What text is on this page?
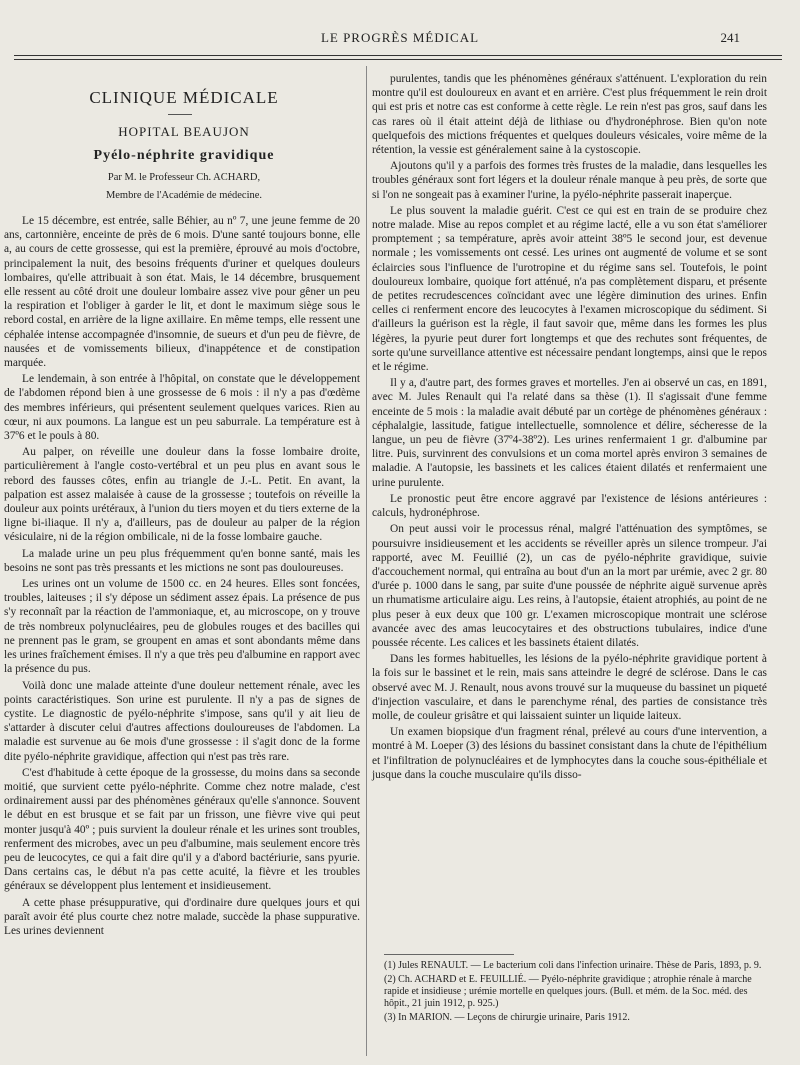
LE PROGRÈS MÉDICAL	241
CLINIQUE MÉDICALE
HOPITAL BEAUJON
Pyélo-néphrite gravidique
Par M. le Professeur Ch. ACHARD,
Membre de l'Académie de médecine.

Le 15 décembre, est entrée, salle Béhier, au nº 7, une jeune femme de 20 ans, cartonnière, enceinte de près de 6 mois. D'une santé toujours bonne, elle a, au cours de cette grossesse, qui est la première, éprouvé au mois d'octobre, principalement la nuit, des besoins fréquents d'uriner et quelques douleurs lombaires, qu'elle attribuait à son état. Mais, le 14 décembre, brusquement elle ressent au côté droit une douleur lombaire assez vive pour gêner un peu la respiration et l'obliger à garder le lit, et dont le maximum siège sous le rebord costal, en arrière de la ligne axillaire. En même temps, elle ressent une céphalée intense accompagnée d'insomnie, de sueurs et d'un peu de fièvre, de nausées et de vomissements bilieux, d'inappétence et de constipation marquée.

Le lendemain, à son entrée à l'hôpital, on constate que le développement de l'abdomen répond bien à une grossesse de 6 mois : il n'y a pas d'œdème des membres inférieurs, qui présentent seulement quelques varices. Rien au cœur, ni aux poumons. La langue est un peu saburrale. La température est à 37º6 et le pouls à 80.

Au palper, on réveille une douleur dans la fosse lombaire droite, particulièrement à l'angle costo-vertébral et un peu plus en avant sous le rebord des fausses côtes, enfin au triangle de J.-L. Petit. En avant, la palpation est assez malaisée à cause de la grossesse ; toutefois on réveille la douleur aux points urétéraux, à l'union du tiers moyen et du tiers externe de la ligne bi-iliaque. Il n'y a, d'ailleurs, pas de douleur au palper de la région vésiculaire, ni de la région ombilicale, ni de la fosse lombaire gauche.

La malade urine un peu plus fréquemment qu'en bonne santé, mais les besoins ne sont pas très pressants et les mictions ne sont pas douloureuses.

Les urines ont un volume de 1500 cc. en 24 heures. Elles sont foncées, troubles, laiteuses ; il s'y dépose un sédiment assez épais. La présence de pus s'y reconnaît par la réaction de l'ammoniaque, et, au microscope, on y trouve de très nombreux polynucléaires, peu de globules rouges et des bacilles qui ne prennent pas le gram, se groupent en amas et sont abondants même dans les urines fraîchement émises. Il n'y a que très peu d'albumine en rapport avec la présence du pus.

Voilà donc une malade atteinte d'une douleur nettement rénale, avec les points caractéristiques. Son urine est purulente. Il n'y a pas de signes de cystite. Le diagnostic de pyélo-néphrite s'impose, sans qu'il y ait lieu de s'attarder à discuter celui d'autres affections douloureuses de l'abdomen. La maladie est survenue au 6e mois d'une grossesse : il s'agit donc de la forme dite pyélo-néphrite gravidique, affection qui n'est pas très rare.

C'est d'habitude à cette époque de la grossesse, du moins dans sa seconde moitié, que survient cette pyélo-néphrite. Comme chez notre malade, c'est ordinairement aussi par des phénomènes généraux qu'elle s'annonce. Souvent le début en est brusque et se fait par un frisson, une fièvre vive qui peut monter jusqu'à 40º ; puis survient la douleur rénale et les urines sont troubles, renferment des microbes, avec un peu d'albumine, mais seulement encore très peu de leucocytes, ce qui a fait dire qu'il y a d'abord bactériurie, sans pyurie. Dans certains cas, le début n'a pas cette acuité, la fièvre et les troubles généraux se développent plus lentement et insidieusement.

A cette phase présuppurative, qui d'ordinaire dure quelques jours et qui paraît avoir été plus courte chez notre malade, succède la phase suppurative. Les urines deviennent

purulentes, tandis que les phénomènes généraux s'atténuent. L'exploration du rein montre qu'il est douloureux en avant et en arrière. C'est plus fréquemment le rein droit qui est pris et notre cas est conforme à cette règle. Le rein n'est pas gros, sauf dans les cas rares où il était atteint déjà de lithiase ou d'hydronéphrose. Bien qu'on note quelquefois des mictions fréquentes et quelques douleurs vésicales, voire même de la rétention, la vessie est généralement saine à la cystoscopie.

Ajoutons qu'il y a parfois des formes très frustes de la maladie, dans lesquelles les troubles généraux sont fort légers et la douleur rénale manque à peu près, de sorte que si l'on ne songeait pas à examiner l'urine, la pyélo-néphrite passerait inaperçue.

Le plus souvent la maladie guérit. C'est ce qui est en train de se produire chez notre malade. Mise au repos complet et au régime lacté, elle a vu son état s'améliorer promptement ; sa température, après avoir atteint 38º5 le second jour, est devenue normale ; les vomissements ont cessé. Les urines ont augmenté de volume et se sont éclaircies sous l'influence de l'urotropine et du régime sans sel. Toutefois, le point douloureux lombaire, quoique fort atténué, n'a pas complètement disparu, et présente de petites recrudescences coïncidant avec une légère diminution des urines. Enfin celles ci renferment encore des leucocytes à l'examen microscopique du sédiment. Si d'ailleurs la guérison est la règle, il faut savoir que, même dans les formes les plus légères, la pyurie peut durer fort longtemps et que des rechutes sont fréquentes, de sorte qu'une surveillance attentive est nécessaire pendant longtemps, ainsi que le repos et le régime.

Il y a, d'autre part, des formes graves et mortelles. J'en ai observé un cas, en 1891, avec M. Jules Renault qui l'a relaté dans sa thèse (1). Il s'agissait d'une femme enceinte de 5 mois : la maladie avait débuté par un cortège de phénomènes généraux : céphalalgie, lassitude, fatigue intellectuelle, somnolence et délire, sécheresse de la langue, un peu de fièvre (37º4-38º2). Les urines renfermaient 1 gr. d'albumine par litre. Puis, survinrent des convulsions et un coma mortel après environ 3 semaines de maladie. A l'autopsie, les bassinets et les calices étaient dilatés et renfermaient une urine purulente.

Le pronostic peut être encore aggravé par l'existence de lésions antérieures : calculs, hydronéphrose.

On peut aussi voir le processus rénal, malgré l'atténuation des symptômes, se poursuivre insidieusement et les accidents se réveiller après un silence trompeur. J'ai rapporté, avec M. Feuillié (2), un cas de pyélo-néphrite gravidique, suivie d'accouchement normal, qui entraîna au bout d'un an la mort par urémie, avec 2 gr. 80 d'urée p. 1000 dans le sang, par suite d'une poussée de néphrite aiguë survenue après un rhumatisme articulaire aigu. Les reins, à l'autopsie, étaient atrophiés, au point de ne plus peser à eux deux que 100 gr. L'examen microscopique montrait une sclérose avancée avec des amas leucocytaires et des obstructions tubulaires, indice d'une poussée récente. Les calices et les bassinets étaient dilatés.

Dans les formes habituelles, les lésions de la pyélo-néphrite gravidique portent à la fois sur le bassinet et le rein, mais sans atteindre le degré de sclérose. Dans le cas observé avec M. J. Renault, nous avons trouvé sur la muqueuse du bassinet un piqueté d'injection vasculaire, et dans le parenchyme rénal, des parties de consistance très molle, de couleur grisâtre et qui laissaient suinter un liquide laiteux.

Un examen biopsique d'un fragment rénal, prélevé au cours d'une intervention, a montré à M. Loeper (3) des lésions du bassinet consistant dans la chute de l'épithélium et l'infiltration de polynucléaires et de lymphocytes dans la couche sous-épithéliale et jusque dans la couche musculaire qu'ils disso-

(1) Jules RENAULT. — Le bacterium coli dans l'infection urinaire. Thèse de Paris, 1893, p. 9.

(2) Ch. ACHARD et E. FEUILLIÉ. — Pyélo-néphrite gravidique ; atrophie rénale à marche rapide et insidieuse ; urémie mortelle en quelques jours. (Bull. et mém. de la Soc. méd. des hôpit., 21 juin 1912, p. 925.)

(3) In MARION. — Leçons de chirurgie urinaire, Paris 1912.
